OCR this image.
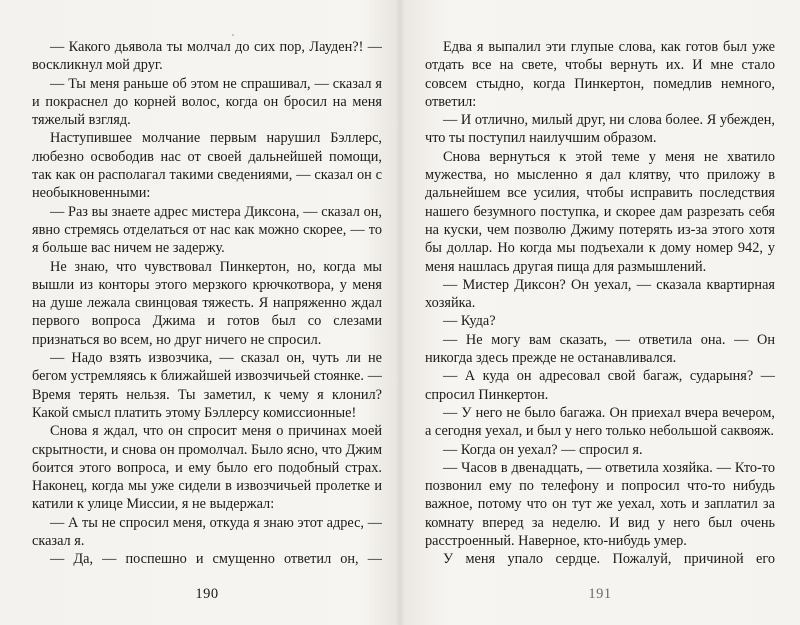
— Какого дьявола ты молчал до сих пор, Лауден?! — воскликнул мой друг.

— Ты меня раньше об этом не спрашивал, — сказал я и покраснел до корней волос, когда он бросил на меня тяжелый взгляд.

Наступившее молчание первым нарушил Бэллерс, любезно освободив нас от своей дальнейшей помощи, так как он располагал такими сведениями, — сказал он с необыкновенными:

— Раз вы знаете адрес мистера Диксона, — сказал он, явно стремясь отделаться от нас как можно скорее, — то я больше вас ничем не задержу.

Не знаю, что чувствовал Пинкертон, но, когда мы вышли из конторы этого мерзкого крючкотвора, у меня на душе лежала свинцовая тяжесть. Я напряженно ждал первого вопроса Джима и готов был со слезами признаться во всем, но друг ничего не спросил.

— Надо взять извозчика, — сказал он, чуть ли не бегом устремляясь к ближайшей извозчичьей стоянке. — Время терять нельзя. Ты заметил, к чему я клонил? Какой смысл платить этому Бэллерсу комиссионные!

Снова я ждал, что он спросит меня о причинах моей скрытности, и снова он промолчал. Было ясно, что Джим боится этого вопроса, и ему было его подобный страх. Наконец, когда мы уже сидели в извозчичьей пролетке и катили к улице Миссии, я не выдержал:

— А ты не спросил меня, откуда я знаю этот адрес, — сказал я.

— Да, — поспешно и смущенно ответил он, —

190

Едва я выпалил эти глупые слова, как готов был уже отдать все на свете, чтобы вернуть их. И мне стало совсем стыдно, когда Пинкертон, помедлив немного, ответил:

— И отлично, милый друг, ни слова более. Я убежден, что ты поступил наилучшим образом.

Снова вернуться к этой теме у меня не хватило мужества, но мысленно я дал клятву, что приложу в дальнейшем все усилия, чтобы исправить последствия нашего безумного поступка, и скорее дам разрезать себя на куски, чем позволю Джиму потерять из-за этого хотя бы доллар. Но когда мы подъехали к дому номер 942, у меня нашлась другая пища для размышлений.

— Мистер Диксон? Он уехал, — сказала квартирная хозяйка.

— Куда?

— Не могу вам сказать, — ответила она. — Он никогда здесь прежде не останавливался.

— А куда он адресовал свой багаж, сударыня? — спросил Пинкертон.

— У него не было багажа. Он приехал вчера вечером, а сегодня уехал, и был у него только небольшой саквояж.

— Когда он уехал? — спросил я.

— Часов в двенадцать, — ответила хозяйка. — Кто-то позвонил ему по телефону и попросил что-то нибудь важное, потому что он тут же уехал, хоть и заплатил за комнату вперед за неделю. И вид у него был очень расстроенный. Наверное, кто-нибудь умер.

У меня упало сердце. Пожалуй, причиной его

191
